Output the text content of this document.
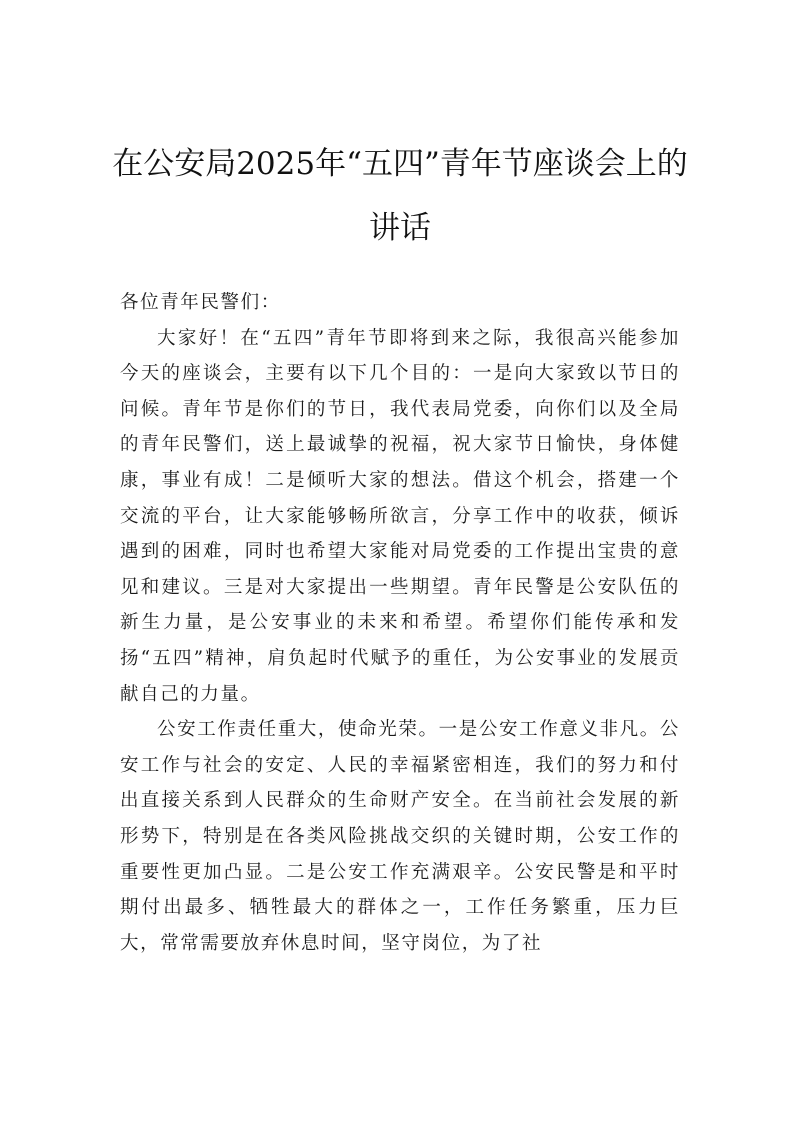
在公安局2025年“五四”青年节座谈会上的讲话

各位青年民警们：

大家好！在“五四”青年节即将到来之际，我很高兴能参加今天的座谈会，主要有以下几个目的：一是向大家致以节日的问候。青年节是你们的节日，我代表局党委，向你们以及全局的青年民警们，送上最诚挚的祝福，祝大家节日愉快，身体健康，事业有成！二是倾听大家的想法。借这个机会，搭建一个交流的平台，让大家能够畅所欲言，分享工作中的收获，倾诉遇到的困难，同时也希望大家能对局党委的工作提出宝贵的意见和建议。三是对大家提出一些期望。青年民警是公安队伍的新生力量，是公安事业的未来和希望。希望你们能传承和发扬“五四”精神，肩负起时代赋予的重任，为公安事业的发展贡献自己的力量。

公安工作责任重大，使命光荣。一是公安工作意义非凡。公安工作与社会的安定、人民的幸福紧密相连，我们的努力和付出直接关系到人民群众的生命财产安全。在当前社会发展的新形势下，特别是在各类风险挑战交织的关键时期，公安工作的重要性更加凸显。二是公安工作充满艰辛。公安民警是和平时期付出最多、牺牲最大的群体之一，工作任务繁重，压力巨大，常常需要放弃休息时间，坚守岗位，为了社
